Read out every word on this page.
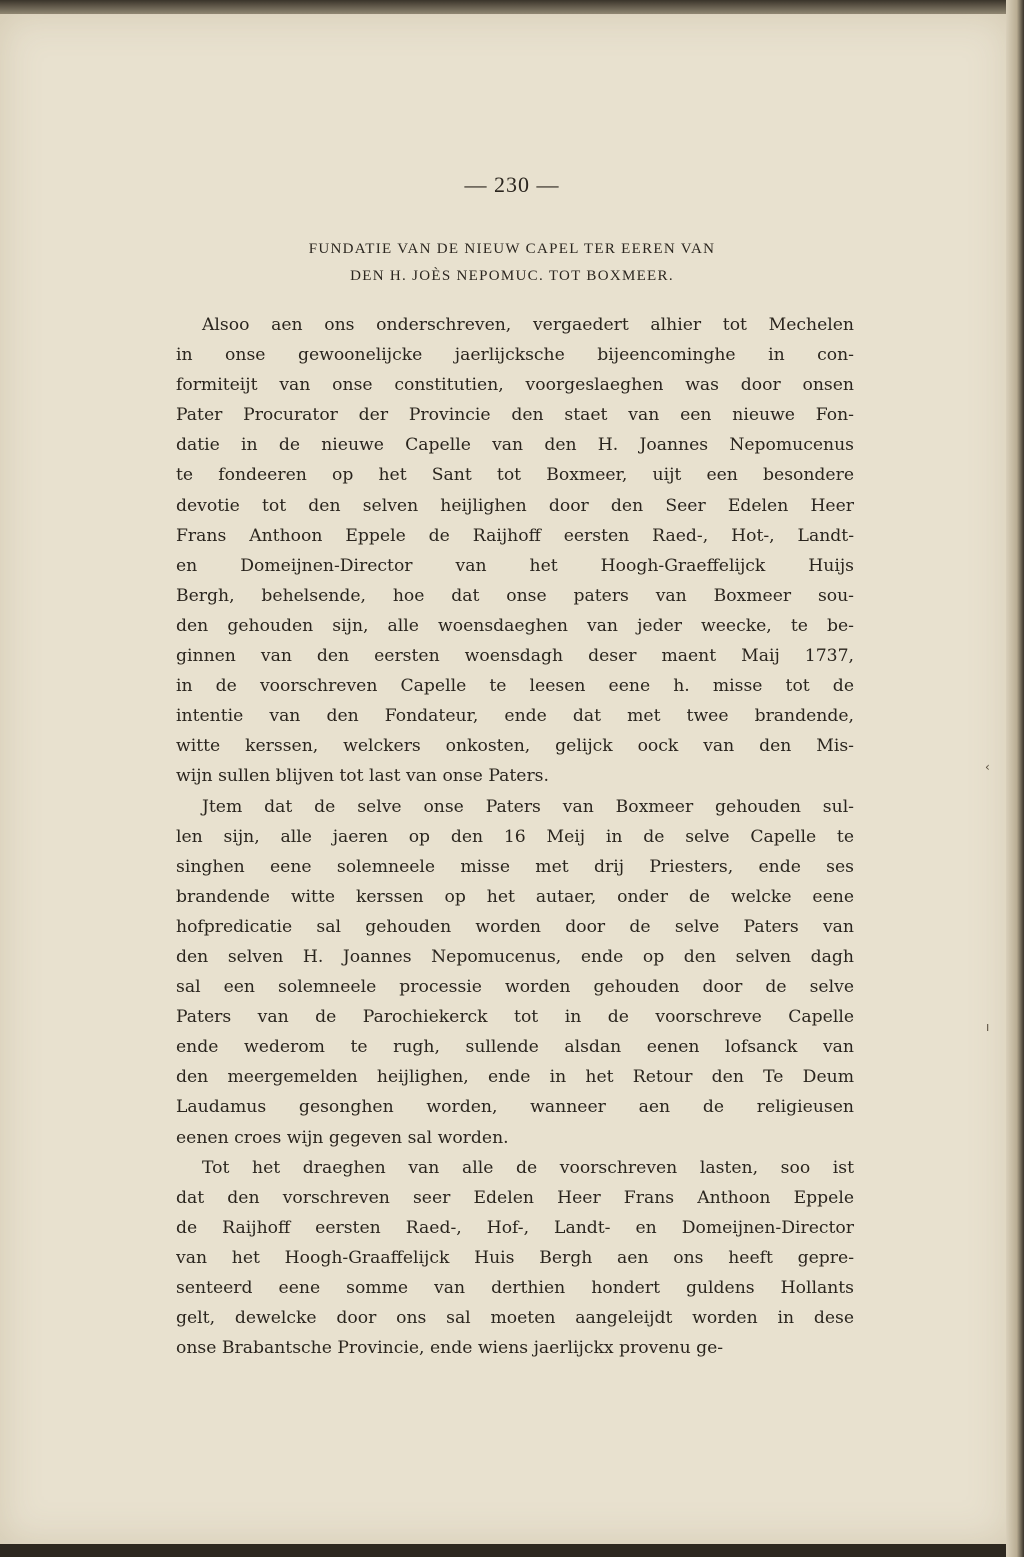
— 230 —
FUNDATIE VAN DE NIEUW CAPEL TER EEREN VAN
DEN H. JOÈS NEPOMUC. TOT BOXMEER.
Alsoo aen ons onderschreven, vergaedert alhier tot Mechelen
in onse gewoonelijcke jaerlijcksche bijeencominghe in con-
formiteijt van onse constitutien, voorgeslaeghen was door onsen
Pater Procurator der Provincie den staet van een nieuwe Fon-
datie in de nieuwe Capelle van den H. Joannes Nepomucenus
te fondeeren op het Sant tot Boxmeer, uijt een besondere
devotie tot den selven heijlighen door den Seer Edelen Heer
Frans Anthoon Eppele de Raijhoff eersten Raed-, Hot-, Landt-
en Domeijnen-Director van het Hoogh-Graeffelijck Huijs
Bergh, behelsende, hoe dat onse paters van Boxmeer sou-
den gehouden sijn, alle woensdaeghen van jeder weecke, te be-
ginnen van den eersten woensdagh deser maent Maij 1737,
in de voorschreven Capelle te leesen eene h. misse tot de
intentie van den Fondateur, ende dat met twee brandende,
witte kerssen, welckers onkosten, gelijck oock van den Mis-
wijn sullen blijven tot last van onse Paters.
Jtem dat de selve onse Paters van Boxmeer gehouden sul-
len sijn, alle jaeren op den 16 Meij in de selve Capelle te
singhen eene solemneele misse met drij Priesters, ende ses
brandende witte kerssen op het autaer, onder de welcke eene
hofpredicatie sal gehouden worden door de selve Paters van
den selven H. Joannes Nepomucenus, ende op den selven dagh
sal een solemneele processie worden gehouden door de selve
Paters van de Parochiekerck tot in de voorschreve Capelle
ende wederom te rugh, sullende alsdan eenen lofsanck van
den meergemelden heijlighen, ende in het Retour den Te Deum
Laudamus gesonghen worden, wanneer aen de religieusen
eenen croes wijn gegeven sal worden.
Tot het draeghen van alle de voorschreven lasten, soo ist
dat den vorschreven seer Edelen Heer Frans Anthoon Eppele
de Raijhoff eersten Raed-, Hof-, Landt- en Domeijnen-Director
van het Hoogh-Graaffelijck Huis Bergh aen ons heeft gepre-
senteerd eene somme van derthien hondert guldens Hollants
gelt, dewelcke door ons sal moeten aangeleijdt worden in dese
onse Brabantsche Provincie, ende wiens jaerlijckx provenu ge-
‹
ı
